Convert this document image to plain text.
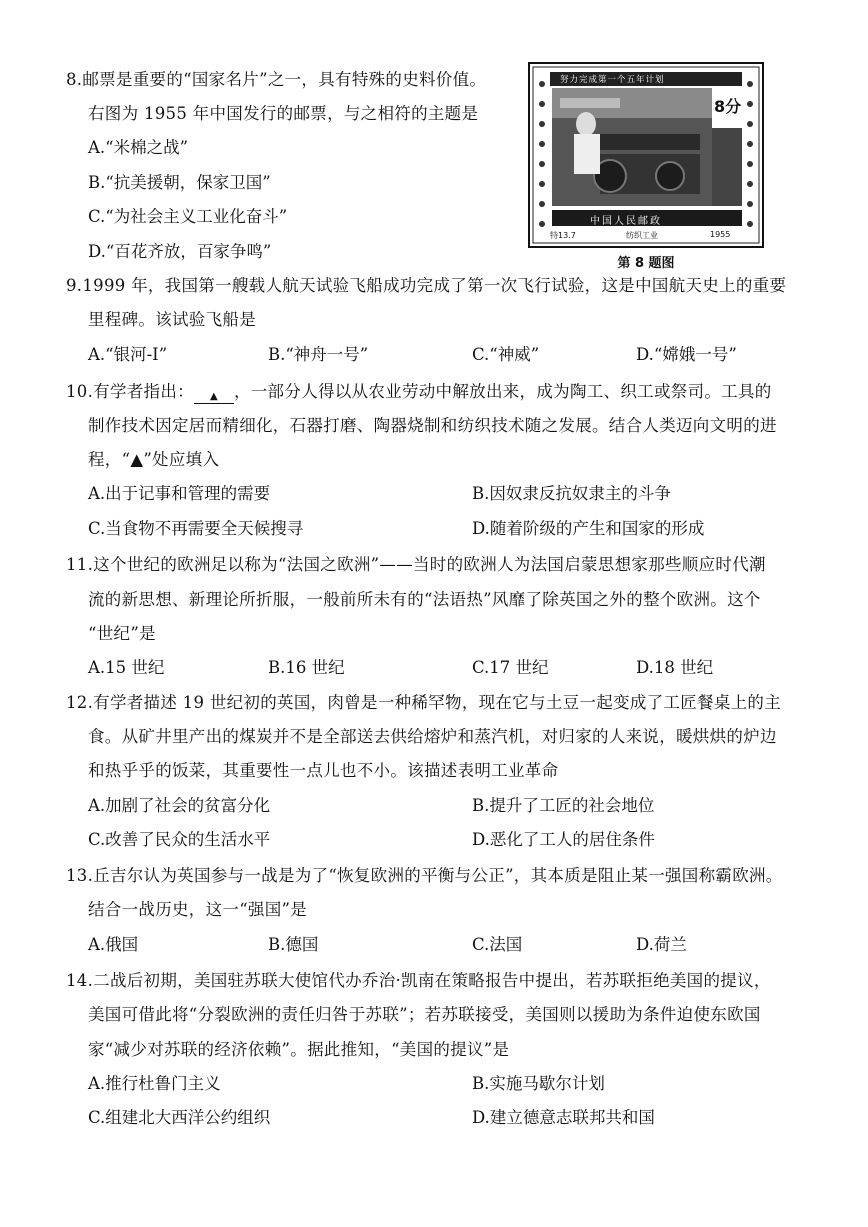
努力完成第一个五年计划
8分
中国人民邮政
特13.7	纺织工业	1955
第 8 题图
8.邮票是重要的“国家名片”之一，具有特殊的史料价值。
右图为 1955 年中国发行的邮票，与之相符的主题是
A.“米棉之战”
B.“抗美援朝，保家卫国”
C.“为社会主义工业化奋斗”
D.“百花齐放，百家争鸣”
9.1999 年，我国第一艘载人航天试验飞船成功完成了第一次飞行试验，这是中国航天史上的重要
里程碑。该试验飞船是
A.“银河-I”	B.“神舟一号”	C.“神威”	D.“嫦娥一号”
10.有学者指出： ▲ ，一部分人得以从农业劳动中解放出来，成为陶工、织工或祭司。工具的
制作技术因定居而精细化，石器打磨、陶器烧制和纺织技术随之发展。结合人类迈向文明的进
程，“▲”处应填入
A.出于记事和管理的需要	B.因奴隶反抗奴隶主的斗争
C.当食物不再需要全天候搜寻	D.随着阶级的产生和国家的形成
11.这个世纪的欧洲足以称为“法国之欧洲”——当时的欧洲人为法国启蒙思想家那些顺应时代潮
流的新思想、新理论所折服，一般前所未有的“法语热”风靡了除英国之外的整个欧洲。这个
“世纪”是
A.15 世纪	B.16 世纪	C.17 世纪	D.18 世纪
12.有学者描述 19 世纪初的英国，肉曾是一种稀罕物，现在它与土豆一起变成了工匠餐桌上的主
食。从矿井里产出的煤炭并不是全部送去供给熔炉和蒸汽机，对归家的人来说，暖烘烘的炉边
和热乎乎的饭菜，其重要性一点儿也不小。该描述表明工业革命
A.加剧了社会的贫富分化	B.提升了工匠的社会地位
C.改善了民众的生活水平	D.恶化了工人的居住条件
13.丘吉尔认为英国参与一战是为了“恢复欧洲的平衡与公正”，其本质是阻止某一强国称霸欧洲。
结合一战历史，这一“强国”是
A.俄国	B.德国	C.法国	D.荷兰
14.二战后初期，美国驻苏联大使馆代办乔治·凯南在策略报告中提出，若苏联拒绝美国的提议，
美国可借此将“分裂欧洲的责任归咎于苏联”；若苏联接受，美国则以援助为条件迫使东欧国
家“减少对苏联的经济依赖”。据此推知，“美国的提议”是
A.推行杜鲁门主义	B.实施马歇尔计划
C.组建北大西洋公约组织	D.建立德意志联邦共和国
